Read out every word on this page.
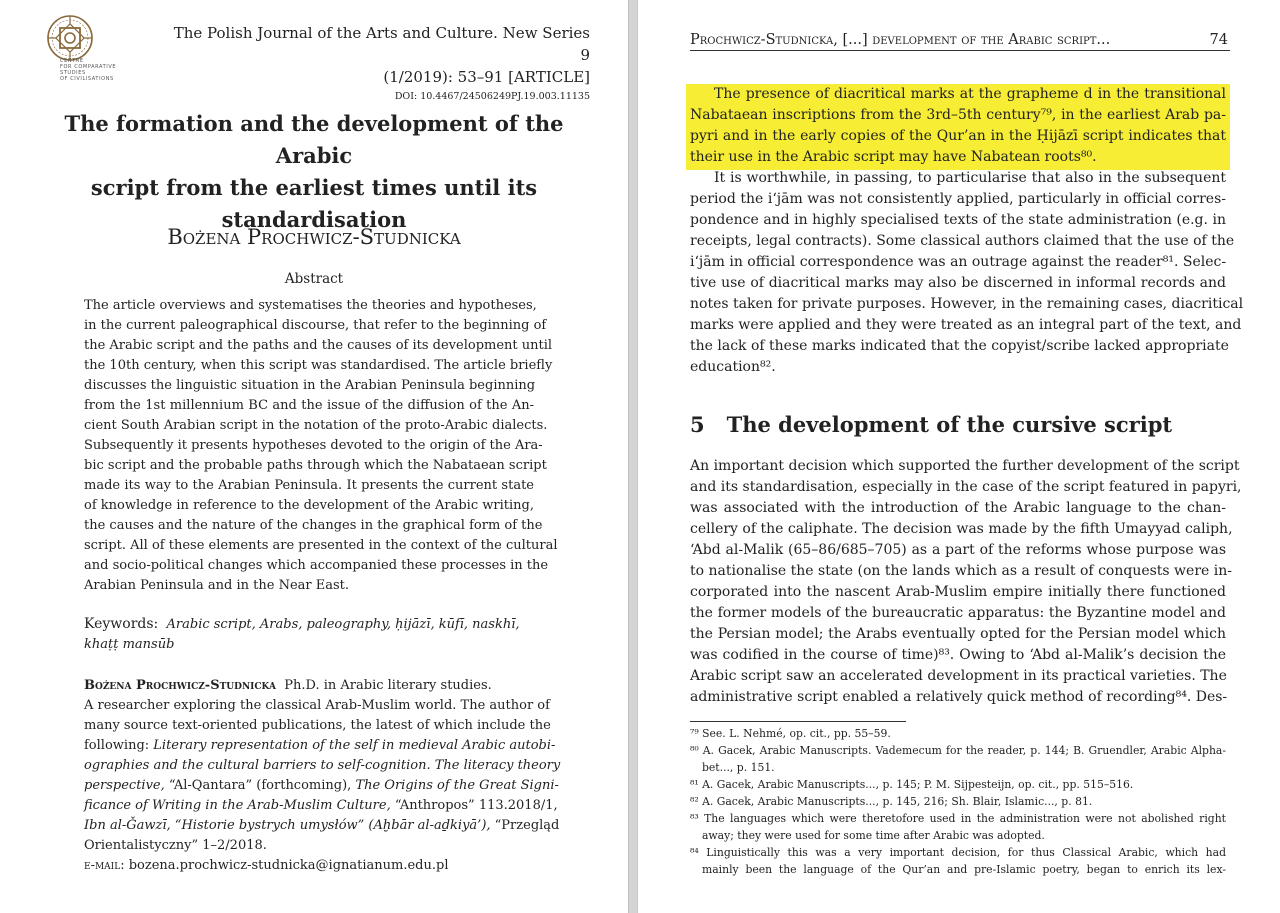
CENTRE
FOR COMPARATIVE
STUDIES
OF CIVILISATIONS
The Polish Journal of the Arts and Culture. New Series 9
(1/2019): 53–91 [ARTICLE]
DOI: 10.4467/24506249PJ.19.003.11135
The formation and the development of the Arabic
script from the earliest times until its
standardisation
Bożena Prochwicz-Studnicka
Abstract
The article overviews and systematises the theories and hypotheses,
in the current paleographical discourse, that refer to the beginning of
the Arabic script and the paths and the causes of its development until
the 10th century, when this script was standardised. The article briefly
discusses the linguistic situation in the Arabian Peninsula beginning
from the 1st millennium BC and the issue of the diffusion of the An-
cient South Arabian script in the notation of the proto-Arabic dialects.
Subsequently it presents hypotheses devoted to the origin of the Ara-
bic script and the probable paths through which the Nabataean script
made its way to the Arabian Peninsula. It presents the current state
of knowledge in reference to the development of the Arabic writing,
the causes and the nature of the changes in the graphical form of the
script. All of these elements are presented in the context of the cultural
and socio-political changes which accompanied these processes in the
Arabian Peninsula and in the Near East.
Keywords: Arabic script, Arabs, paleography, ḥijāzī, kūfī, naskhī,
khaṭṭ mansūb
Bożena Prochwicz-Studnicka Ph.D. in Arabic literary studies.
A researcher exploring the classical Arab-Muslim world. The author of
many source text-oriented publications, the latest of which include the
following: Literary representation of the self in medieval Arabic autobi-
ographies and the cultural barriers to self-cognition. The literacy theory
perspective, “Al-Qantara” (forthcoming), The Origins of the Great Signi-
ficance of Writing in the Arab-Muslim Culture, “Anthropos” 113.2018/1,
Ibn al-Ǧawzī, “Historie bystrych umysłów” (Aḫbār al-aḏkiyā’), “Przegląd
Orientalistyczny” 1–2/2018.
e-mail: bozena.prochwicz-studnicka@ignatianum.edu.pl
Prochwicz-Studnicka, [...] development of the Arabic script...	74
The presence of diacritical marks at the grapheme d in the transitional
Nabataean inscriptions from the 3rd–5th century⁷⁹, in the earliest Arab pa-
pyri and in the early copies of the Qur’an in the Ḥijāzī script indicates that
their use in the Arabic script may have Nabatean roots⁸⁰.
It is worthwhile, in passing, to particularise that also in the subsequent
period the i‘jām was not consistently applied, particularly in official corres-
pondence and in highly specialised texts of the state administration (e.g. in
receipts, legal contracts). Some classical authors claimed that the use of the
i‘jām in official correspondence was an outrage against the reader⁸¹. Selec-
tive use of diacritical marks may also be discerned in informal records and
notes taken for private purposes. However, in the remaining cases, diacritical
marks were applied and they were treated as an integral part of the text, and
the lack of these marks indicated that the copyist/scribe lacked appropriate
education⁸².
5 The development of the cursive script
An important decision which supported the further development of the script
and its standardisation, especially in the case of the script featured in papyri,
was associated with the introduction of the Arabic language to the chan-
cellery of the caliphate. The decision was made by the fifth Umayyad caliph,
‘Abd al-Malik (65–86/685–705) as a part of the reforms whose purpose was
to nationalise the state (on the lands which as a result of conquests were in-
corporated into the nascent Arab-Muslim empire initially there functioned
the former models of the bureaucratic apparatus: the Byzantine model and
the Persian model; the Arabs eventually opted for the Persian model which
was codified in the course of time)⁸³. Owing to ‘Abd al-Malik’s decision the
Arabic script saw an accelerated development in its practical varieties. The
administrative script enabled a relatively quick method of recording⁸⁴. Des-
⁷⁹ See. L. Nehmé, op. cit., pp. 55–59.
⁸⁰ A. Gacek, Arabic Manuscripts. Vademecum for the reader, p. 144; B. Gruendler, Arabic Alpha-
bet..., p. 151.
⁸¹ A. Gacek, Arabic Manuscripts..., p. 145; P. M. Sijpesteijn, op. cit., pp. 515–516.
⁸² A. Gacek, Arabic Manuscripts..., p. 145, 216; Sh. Blair, Islamic..., p. 81.
⁸³ The languages which were theretofore used in the administration were not abolished right
away; they were used for some time after Arabic was adopted.
⁸⁴ Linguistically this was a very important decision, for thus Classical Arabic, which had
mainly been the language of the Qur’an and pre-Islamic poetry, began to enrich its lex-
